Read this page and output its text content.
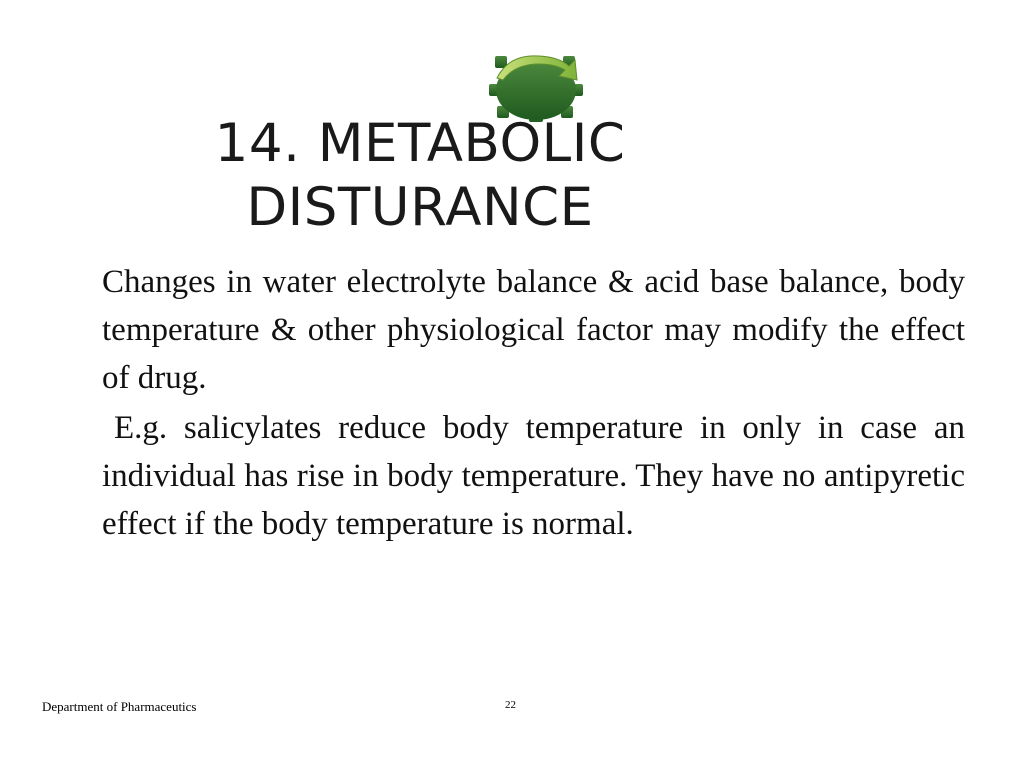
14. METABOLIC
DISTURANCE

Changes in water electrolyte balance & acid base balance, body temperature & other physiological factor may modify the effect of drug.

E.g. salicylates reduce body temperature in only in case an individual has rise in body temperature. They have no antipyretic effect if the body temperature is normal.

Department of Pharmaceutics	22
